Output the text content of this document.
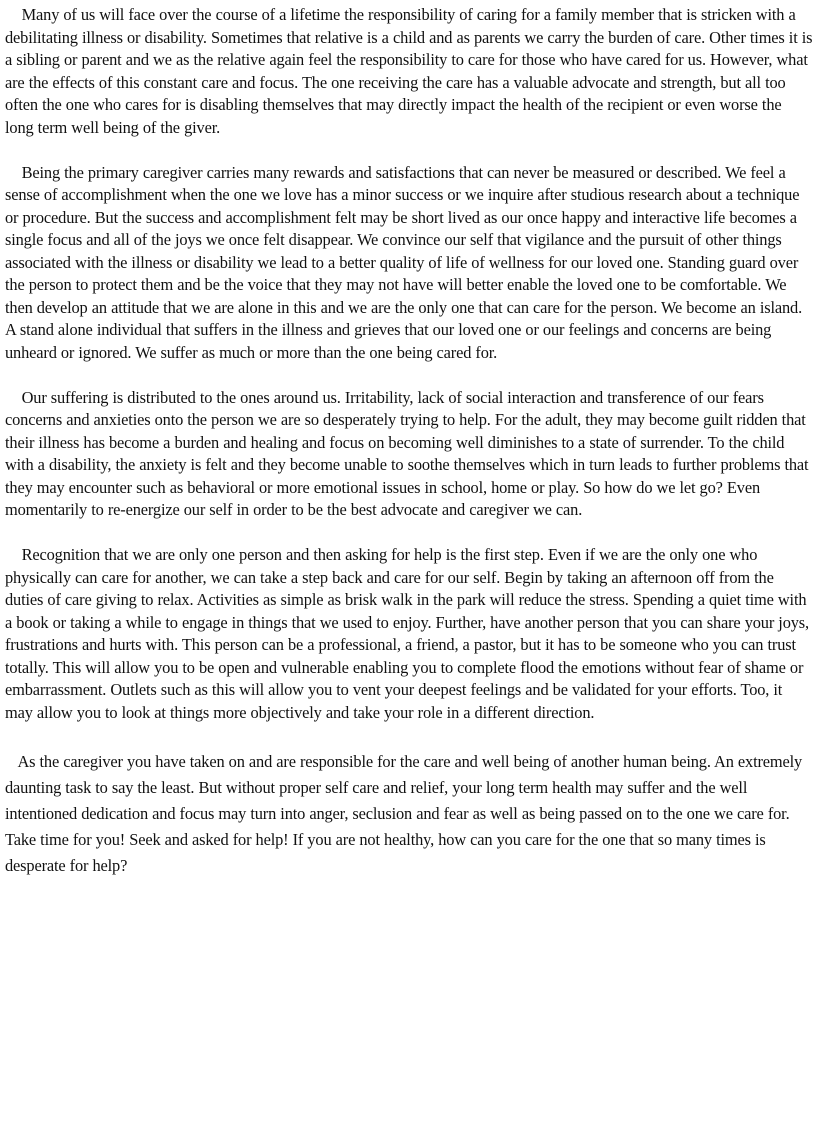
Many of us will face over the course of a lifetime the responsibility of caring for a family member that is stricken with a debilitating illness or disability. Sometimes that relative is a child and as parents we carry the burden of care. Other times it is a sibling or parent and we as the relative again feel the responsibility to care for those who have cared for us. However, what are the effects of this constant care and focus. The one receiving the care has a valuable advocate and strength, but all too often the one who cares for is disabling themselves that may directly impact the health of the recipient or even worse the long term well being of the giver.

Being the primary caregiver carries many rewards and satisfactions that can never be measured or described. We feel a sense of accomplishment when the one we love has a minor success or we inquire after studious research about a technique or procedure. But the success and accomplishment felt may be short lived as our once happy and interactive life becomes a single focus and all of the joys we once felt disappear. We convince our self that vigilance and the pursuit of other things associated with the illness or disability we lead to a better quality of life of wellness for our loved one. Standing guard over the person to protect them and be the voice that they may not have will better enable the loved one to be comfortable. We then develop an attitude that we are alone in this and we are the only one that can care for the person. We become an island. A stand alone individual that suffers in the illness and grieves that our loved one or our feelings and concerns are being unheard or ignored. We suffer as much or more than the one being cared for.

Our suffering is distributed to the ones around us. Irritability, lack of social interaction and transference of our fears concerns and anxieties onto the person we are so desperately trying to help. For the adult, they may become guilt ridden that their illness has become a burden and healing and focus on becoming well diminishes to a state of surrender. To the child with a disability, the anxiety is felt and they become unable to soothe themselves which in turn leads to further problems that they may encounter such as behavioral or more emotional issues in school, home or play. So how do we let go? Even momentarily to re-energize our self in order to be the best advocate and caregiver we can.

Recognition that we are only one person and then asking for help is the first step. Even if we are the only one who physically can care for another, we can take a step back and care for our self. Begin by taking an afternoon off from the duties of care giving to relax. Activities as simple as brisk walk in the park will reduce the stress. Spending a quiet time with a book or taking a while to engage in things that we used to enjoy. Further, have another person that you can share your joys, frustrations and hurts with. This person can be a professional, a friend, a pastor, but it has to be someone who you can trust totally. This will allow you to be open and vulnerable enabling you to complete flood the emotions without fear of shame or embarrassment. Outlets such as this will allow you to vent your deepest feelings and be validated for your efforts. Too, it may allow you to look at things more objectively and take your role in a different direction.

As the caregiver you have taken on and are responsible for the care and well being of another human being. An extremely daunting task to say the least. But without proper self care and relief, your long term health may suffer and the well intentioned dedication and focus may turn into anger, seclusion and fear as well as being passed on to the one we care for. Take time for you! Seek and asked for help! If you are not healthy, how can you care for the one that so many times is desperate for help?
